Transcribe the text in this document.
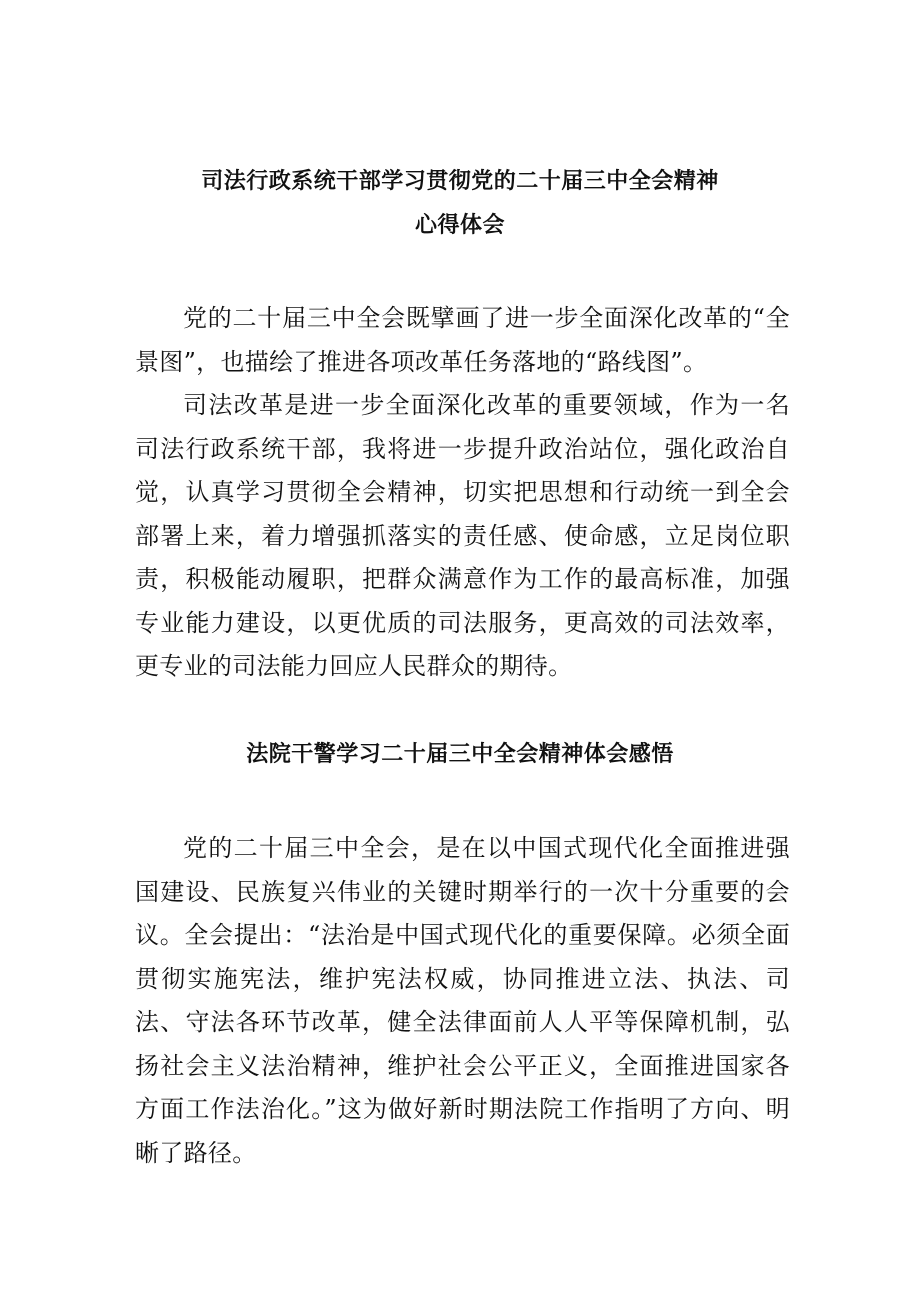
司法行政系统干部学习贯彻党的二十届三中全会精神
心得体会

党的二十届三中全会既擘画了进一步全面深化改革的“全景图”，也描绘了推进各项改革任务落地的“路线图”。

司法改革是进一步全面深化改革的重要领域，作为一名司法行政系统干部，我将进一步提升政治站位，强化政治自觉，认真学习贯彻全会精神，切实把思想和行动统一到全会部署上来，着力增强抓落实的责任感、使命感，立足岗位职责，积极能动履职，把群众满意作为工作的最高标准，加强专业能力建设，以更优质的司法服务，更高效的司法效率，更专业的司法能力回应人民群众的期待。

法院干警学习二十届三中全会精神体会感悟

党的二十届三中全会，是在以中国式现代化全面推进强国建设、民族复兴伟业的关键时期举行的一次十分重要的会议。全会提出：“法治是中国式现代化的重要保障。必须全面贯彻实施宪法，维护宪法权威，协同推进立法、执法、司法、守法各环节改革，健全法律面前人人平等保障机制，弘扬社会主义法治精神，维护社会公平正义，全面推进国家各方面工作法治化。”这为做好新时期法院工作指明了方向、明晰了路径。
